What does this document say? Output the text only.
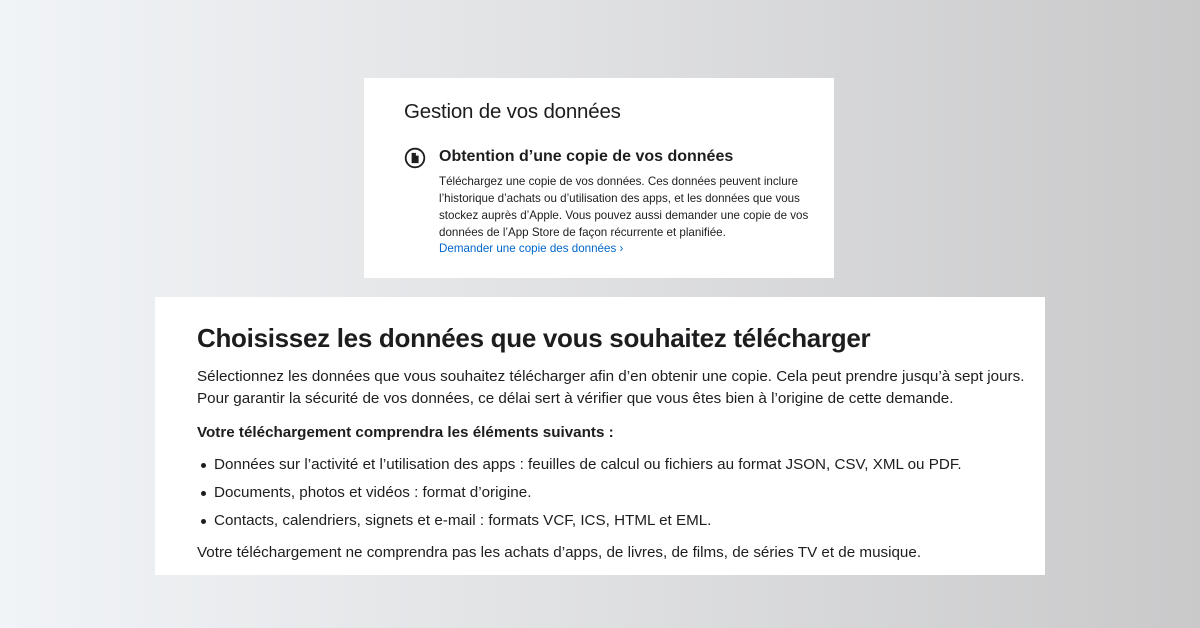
Gestion de vos données
Obtention d’une copie de vos données

Téléchargez une copie de vos données. Ces données peuvent inclure l’historique d’achats ou d’utilisation des apps, et les données que vous stockez auprès d’Apple. Vous pouvez aussi demander une copie de vos données de l’App Store de façon récurrente et planifiée.

Demander une copie des données ›
Choisissez les données que vous souhaitez télécharger

Sélectionnez les données que vous souhaitez télécharger afin d’en obtenir une copie. Cela peut prendre jusqu’à sept jours. Pour garantir la sécurité de vos données, ce délai sert à vérifier que vous êtes bien à l’origine de cette demande.

Votre téléchargement comprendra les éléments suivants :

Données sur l’activité et l’utilisation des apps : feuilles de calcul ou fichiers au format JSON, CSV, XML ou PDF.
Documents, photos et vidéos : format d’origine.
Contacts, calendriers, signets et e-mail : formats VCF, ICS, HTML et EML.

Votre téléchargement ne comprendra pas les achats d’apps, de livres, de films, de séries TV et de musique.
